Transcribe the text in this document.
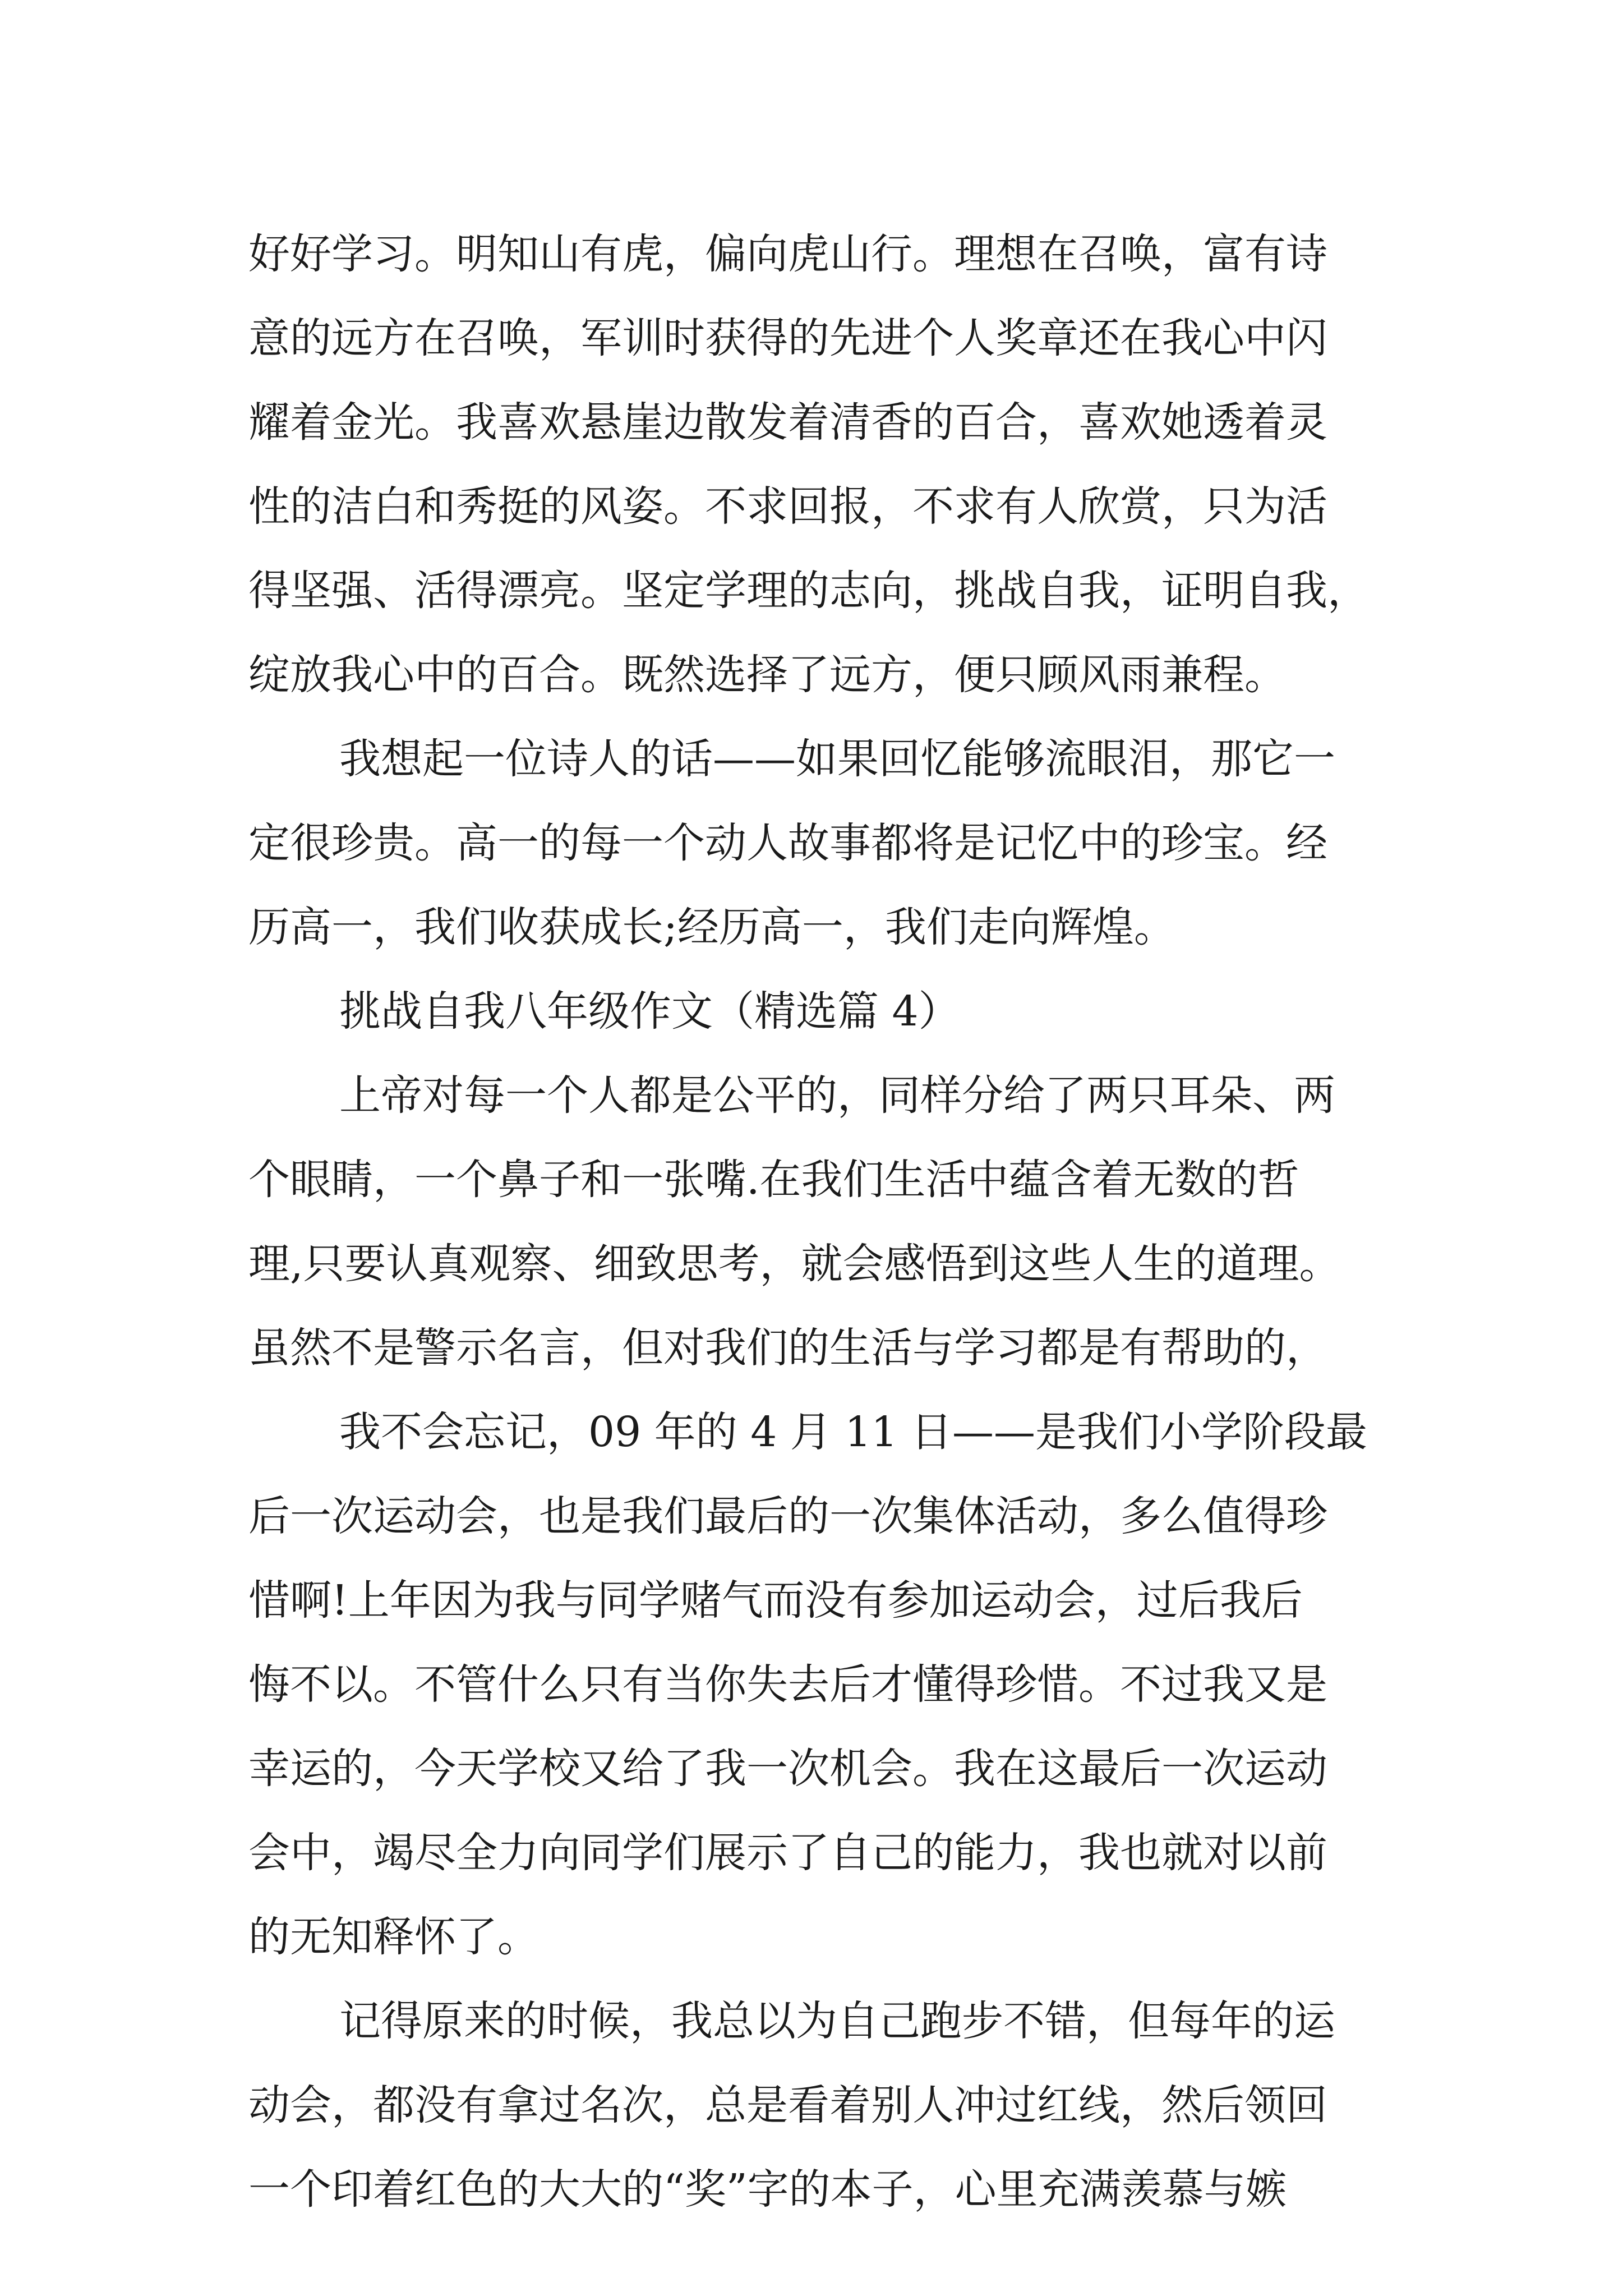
好好学习。明知山有虎，偏向虎山行。理想在召唤，富有诗
意的远方在召唤，军训时获得的先进个人奖章还在我心中闪
耀着金光。我喜欢悬崖边散发着清香的百合，喜欢她透着灵
性的洁白和秀挺的风姿。不求回报，不求有人欣赏，只为活
得坚强、活得漂亮。坚定学理的志向，挑战自我，证明自我，
绽放我心中的百合。既然选择了远方，便只顾风雨兼程。
我想起一位诗人的话——如果回忆能够流眼泪，那它一
定很珍贵。高一的每一个动人故事都将是记忆中的珍宝。经
历高一，我们收获成长;经历高一，我们走向辉煌。
挑战自我八年级作文（精选篇 4）
上帝对每一个人都是公平的，同样分给了两只耳朵、两
个眼睛，一个鼻子和一张嘴.在我们生活中蕴含着无数的哲
理,只要认真观察、细致思考，就会感悟到这些人生的道理。
虽然不是警示名言，但对我们的生活与学习都是有帮助的，
我不会忘记，09 年的 4 月 11 日——是我们小学阶段最
后一次运动会，也是我们最后的一次集体活动，多么值得珍
惜啊!上年因为我与同学赌气而没有参加运动会，过后我后
悔不以。不管什么只有当你失去后才懂得珍惜。不过我又是
幸运的，今天学校又给了我一次机会。我在这最后一次运动
会中，竭尽全力向同学们展示了自己的能力，我也就对以前
的无知释怀了。
记得原来的时候，我总以为自己跑步不错，但每年的运
动会，都没有拿过名次，总是看着别人冲过红线，然后领回
一个印着红色的大大的“奖”字的本子，心里充满羡慕与嫉
